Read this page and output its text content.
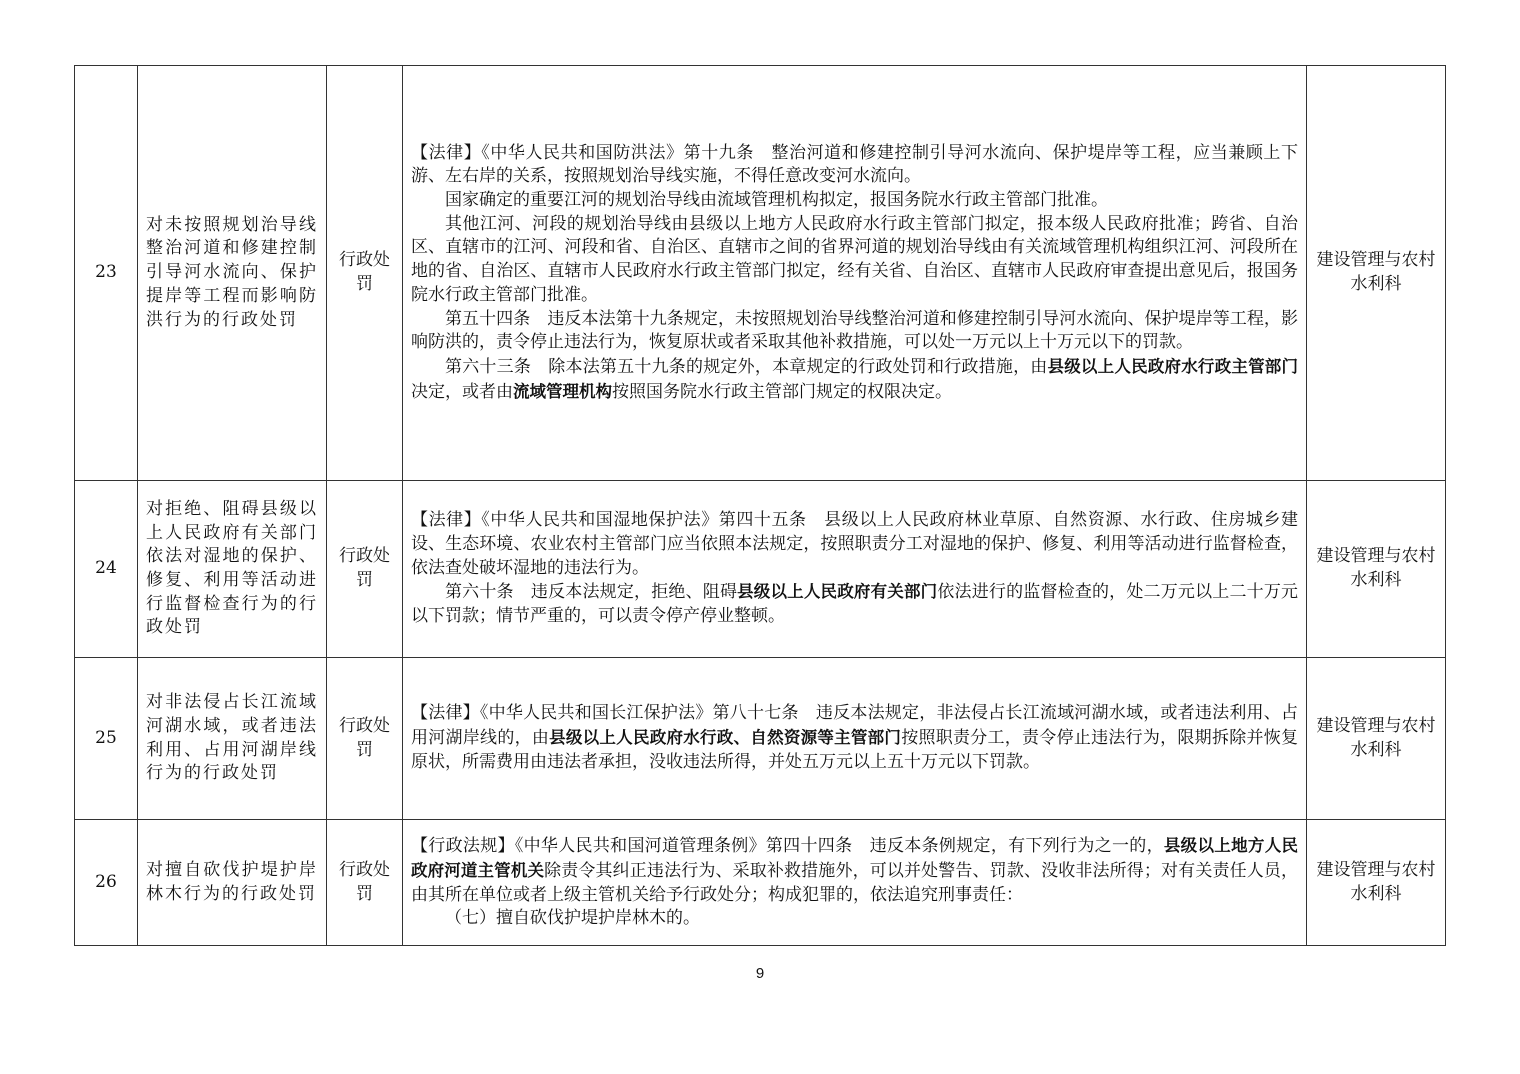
23	对未按照规划治导线整治河道和修建控制引导河水流向、保护提岸等工程而影响防洪行为的行政处罚	行政处罚	【法律】《中华人民共和国防洪法》第十九条　整治河道和修建控制引导河水流向、保护堤岸等工程，应当兼顾上下游、左右岸的关系，按照规划治导线实施，不得任意改变河水流向。

国家确定的重要江河的规划治导线由流域管理机构拟定，报国务院水行政主管部门批准。

其他江河、河段的规划治导线由县级以上地方人民政府水行政主管部门拟定，报本级人民政府批准；跨省、自治区、直辖市的江河、河段和省、自治区、直辖市之间的省界河道的规划治导线由有关流域管理机构组织江河、河段所在地的省、自治区、直辖市人民政府水行政主管部门拟定，经有关省、自治区、直辖市人民政府审查提出意见后，报国务院水行政主管部门批准。

第五十四条　违反本法第十九条规定，未按照规划治导线整治河道和修建控制引导河水流向、保护堤岸等工程，影响防洪的，责令停止违法行为，恢复原状或者采取其他补救措施，可以处一万元以上十万元以下的罚款。

第六十三条　除本法第五十九条的规定外，本章规定的行政处罚和行政措施，由县级以上人民政府水行政主管部门决定，或者由流域管理机构按照国务院水行政主管部门规定的权限决定。	建设管理与农村水利科
24	对拒绝、阻碍县级以上人民政府有关部门依法对湿地的保护、修复、利用等活动进行监督检查行为的行政处罚	行政处罚	【法律】《中华人民共和国湿地保护法》第四十五条　县级以上人民政府林业草原、自然资源、水行政、住房城乡建设、生态环境、农业农村主管部门应当依照本法规定，按照职责分工对湿地的保护、修复、利用等活动进行监督检查，依法查处破坏湿地的违法行为。

第六十条　违反本法规定，拒绝、阻碍县级以上人民政府有关部门依法进行的监督检查的，处二万元以上二十万元以下罚款；情节严重的，可以责令停产停业整顿。	建设管理与农村水利科
25	对非法侵占长江流域河湖水域，或者违法利用、占用河湖岸线行为的行政处罚	行政处罚	【法律】《中华人民共和国长江保护法》第八十七条　违反本法规定，非法侵占长江流域河湖水域，或者违法利用、占用河湖岸线的，由县级以上人民政府水行政、自然资源等主管部门按照职责分工，责令停止违法行为，限期拆除并恢复原状，所需费用由违法者承担，没收违法所得，并处五万元以上五十万元以下罚款。	建设管理与农村水利科
26	对擅自砍伐护堤护岸林木行为的行政处罚	行政处罚	【行政法规】《中华人民共和国河道管理条例》第四十四条　违反本条例规定，有下列行为之一的，县级以上地方人民政府河道主管机关除责令其纠正违法行为、采取补救措施外，可以并处警告、罚款、没收非法所得；对有关责任人员，由其所在单位或者上级主管机关给予行政处分；构成犯罪的，依法追究刑事责任：

（七）擅自砍伐护堤护岸林木的。	建设管理与农村水利科
9
